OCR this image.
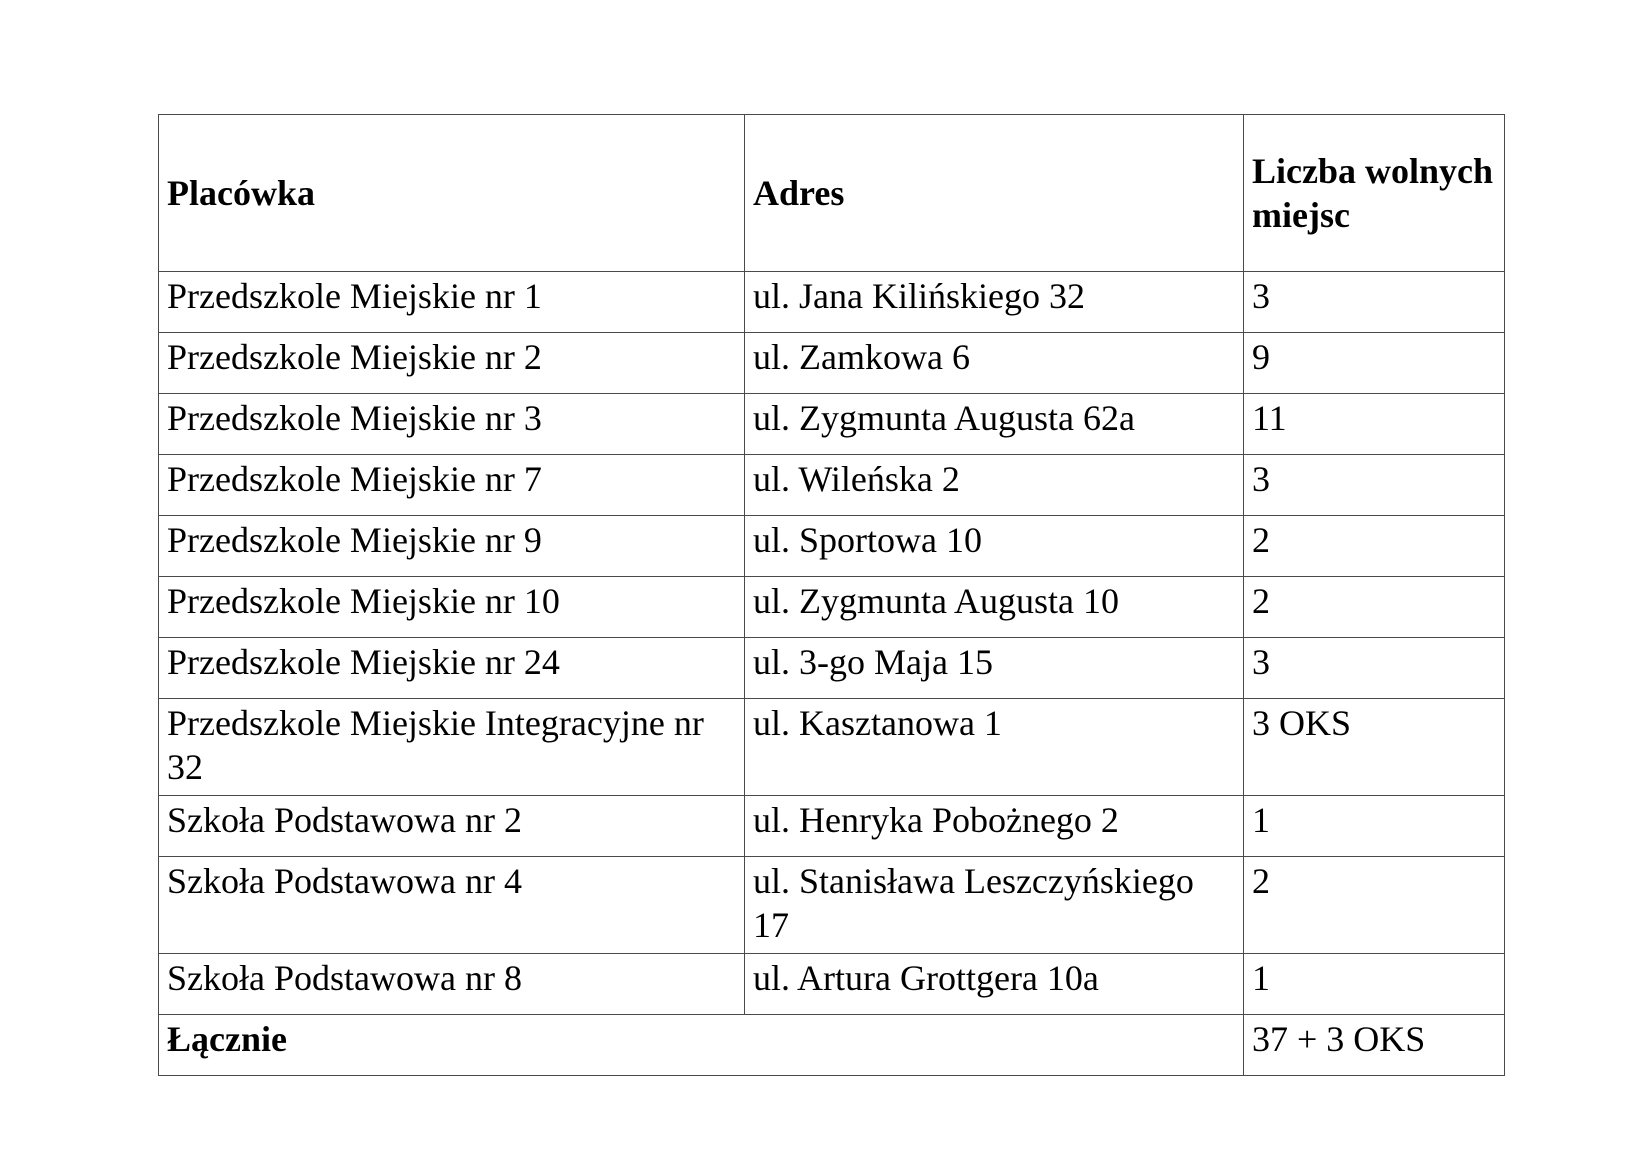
Placówka	Adres	Liczba wolnych miejsc
Przedszkole Miejskie nr 1	ul. Jana Kilińskiego 32	3
Przedszkole Miejskie nr 2	ul. Zamkowa 6	9
Przedszkole Miejskie nr 3	ul. Zygmunta Augusta 62a	11
Przedszkole Miejskie nr 7	ul. Wileńska 2	3
Przedszkole Miejskie nr 9	ul. Sportowa 10	2
Przedszkole Miejskie nr 10	ul. Zygmunta Augusta 10	2
Przedszkole Miejskie nr 24	ul. 3-go Maja 15	3
Przedszkole Miejskie Integracyjne nr 32	ul. Kasztanowa 1	3 OKS
Szkoła Podstawowa nr 2	ul. Henryka Pobożnego 2	1
Szkoła Podstawowa nr 4	ul. Stanisława Leszczyńskiego 17	2
Szkoła Podstawowa nr 8	ul. Artura Grottgera 10a	1
Łącznie		37 + 3 OKS
